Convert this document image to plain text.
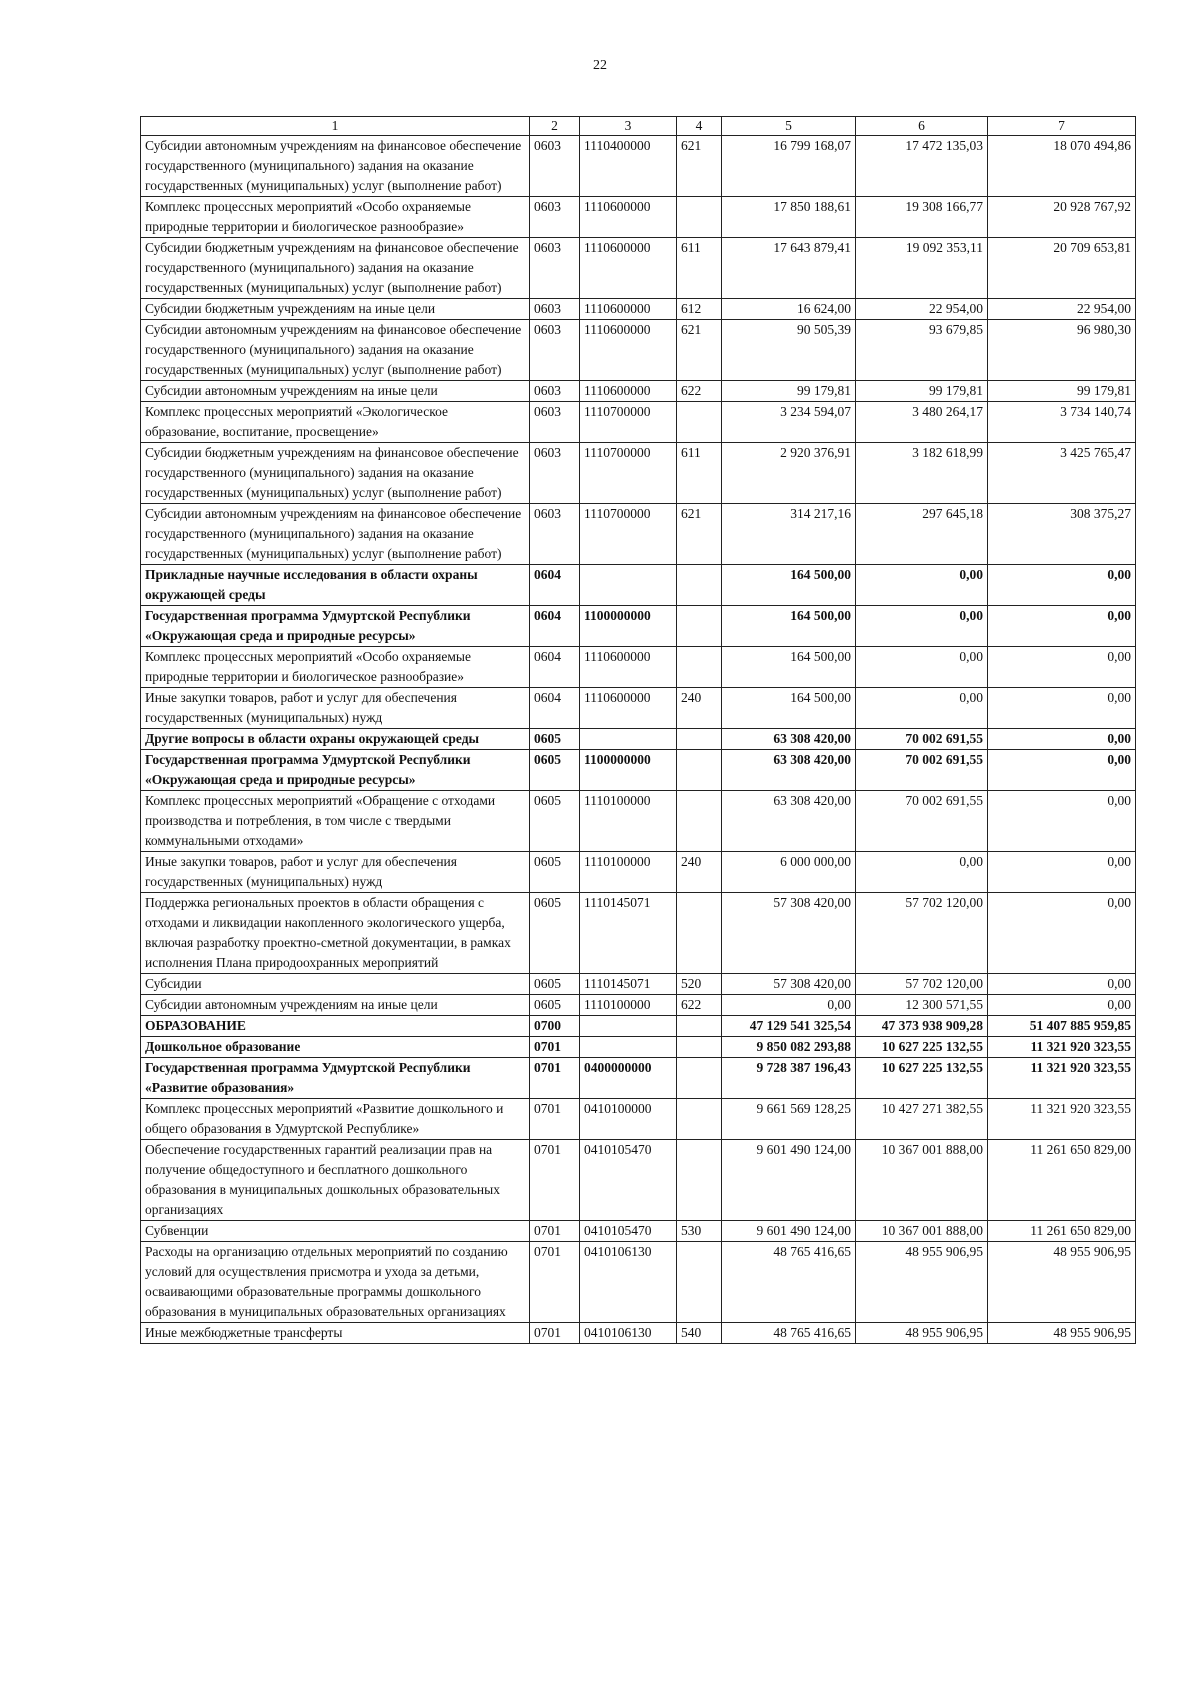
22
1	2	3	4	5	6	7
Субсидии автономным учреждениям на финансовое обеспечение государственного (муниципального) задания на оказание государственных (муниципальных) услуг (выполнение работ)	0603	1110400000	621	16 799 168,07	17 472 135,03	18 070 494,86
Комплекс процессных мероприятий «Особо охраняемые природные территории и биологическое разнообразие»	0603	1110600000		17 850 188,61	19 308 166,77	20 928 767,92
Субсидии бюджетным учреждениям на финансовое обеспечение государственного (муниципального) задания на оказание государственных (муниципальных) услуг (выполнение работ)	0603	1110600000	611	17 643 879,41	19 092 353,11	20 709 653,81
Субсидии бюджетным учреждениям на иные цели	0603	1110600000	612	16 624,00	22 954,00	22 954,00
Субсидии автономным учреждениям на финансовое обеспечение государственного (муниципального) задания на оказание государственных (муниципальных) услуг (выполнение работ)	0603	1110600000	621	90 505,39	93 679,85	96 980,30
Субсидии автономным учреждениям на иные цели	0603	1110600000	622	99 179,81	99 179,81	99 179,81
Комплекс процессных мероприятий «Экологическое образование, воспитание, просвещение»	0603	1110700000		3 234 594,07	3 480 264,17	3 734 140,74
Субсидии бюджетным учреждениям на финансовое обеспечение государственного (муниципального) задания на оказание государственных (муниципальных) услуг (выполнение работ)	0603	1110700000	611	2 920 376,91	3 182 618,99	3 425 765,47
Субсидии автономным учреждениям на финансовое обеспечение государственного (муниципального) задания на оказание государственных (муниципальных) услуг (выполнение работ)	0603	1110700000	621	314 217,16	297 645,18	308 375,27
Прикладные научные исследования в области охраны окружающей среды	0604			164 500,00	0,00	0,00
Государственная программа Удмуртской Республики «Окружающая среда и природные ресурсы»	0604	1100000000		164 500,00	0,00	0,00
Комплекс процессных мероприятий «Особо охраняемые природные территории и биологическое разнообразие»	0604	1110600000		164 500,00	0,00	0,00
Иные закупки товаров, работ и услуг для обеспечения государственных (муниципальных) нужд	0604	1110600000	240	164 500,00	0,00	0,00
Другие вопросы в области охраны окружающей среды	0605			63 308 420,00	70 002 691,55	0,00
Государственная программа Удмуртской Республики «Окружающая среда и природные ресурсы»	0605	1100000000		63 308 420,00	70 002 691,55	0,00
Комплекс процессных мероприятий «Обращение с отходами производства и потребления, в том числе с твердыми коммунальными отходами»	0605	1110100000		63 308 420,00	70 002 691,55	0,00
Иные закупки товаров, работ и услуг для обеспечения государственных (муниципальных) нужд	0605	1110100000	240	6 000 000,00	0,00	0,00
Поддержка региональных проектов в области обращения с отходами и ликвидации накопленного экологического ущерба, включая разработку проектно-сметной документации, в рамках исполнения Плана природоохранных мероприятий	0605	1110145071		57 308 420,00	57 702 120,00	0,00
Субсидии	0605	1110145071	520	57 308 420,00	57 702 120,00	0,00
Субсидии автономным учреждениям на иные цели	0605	1110100000	622	0,00	12 300 571,55	0,00
ОБРАЗОВАНИЕ	0700			47 129 541 325,54	47 373 938 909,28	51 407 885 959,85
Дошкольное образование	0701			9 850 082 293,88	10 627 225 132,55	11 321 920 323,55
Государственная программа Удмуртской Республики «Развитие образования»	0701	0400000000		9 728 387 196,43	10 627 225 132,55	11 321 920 323,55
Комплекс процессных мероприятий «Развитие дошкольного и общего образования в Удмуртской Республике»	0701	0410100000		9 661 569 128,25	10 427 271 382,55	11 321 920 323,55
Обеспечение государственных гарантий реализации прав на получение общедоступного и бесплатного дошкольного образования в муниципальных дошкольных образовательных организациях	0701	0410105470		9 601 490 124,00	10 367 001 888,00	11 261 650 829,00
Субвенции	0701	0410105470	530	9 601 490 124,00	10 367 001 888,00	11 261 650 829,00
Расходы на организацию отдельных мероприятий по созданию условий для осуществления присмотра и ухода за детьми, осваивающими образовательные программы дошкольного образования в муниципальных образовательных организациях	0701	0410106130		48 765 416,65	48 955 906,95	48 955 906,95
Иные межбюджетные трансферты	0701	0410106130	540	48 765 416,65	48 955 906,95	48 955 906,95
